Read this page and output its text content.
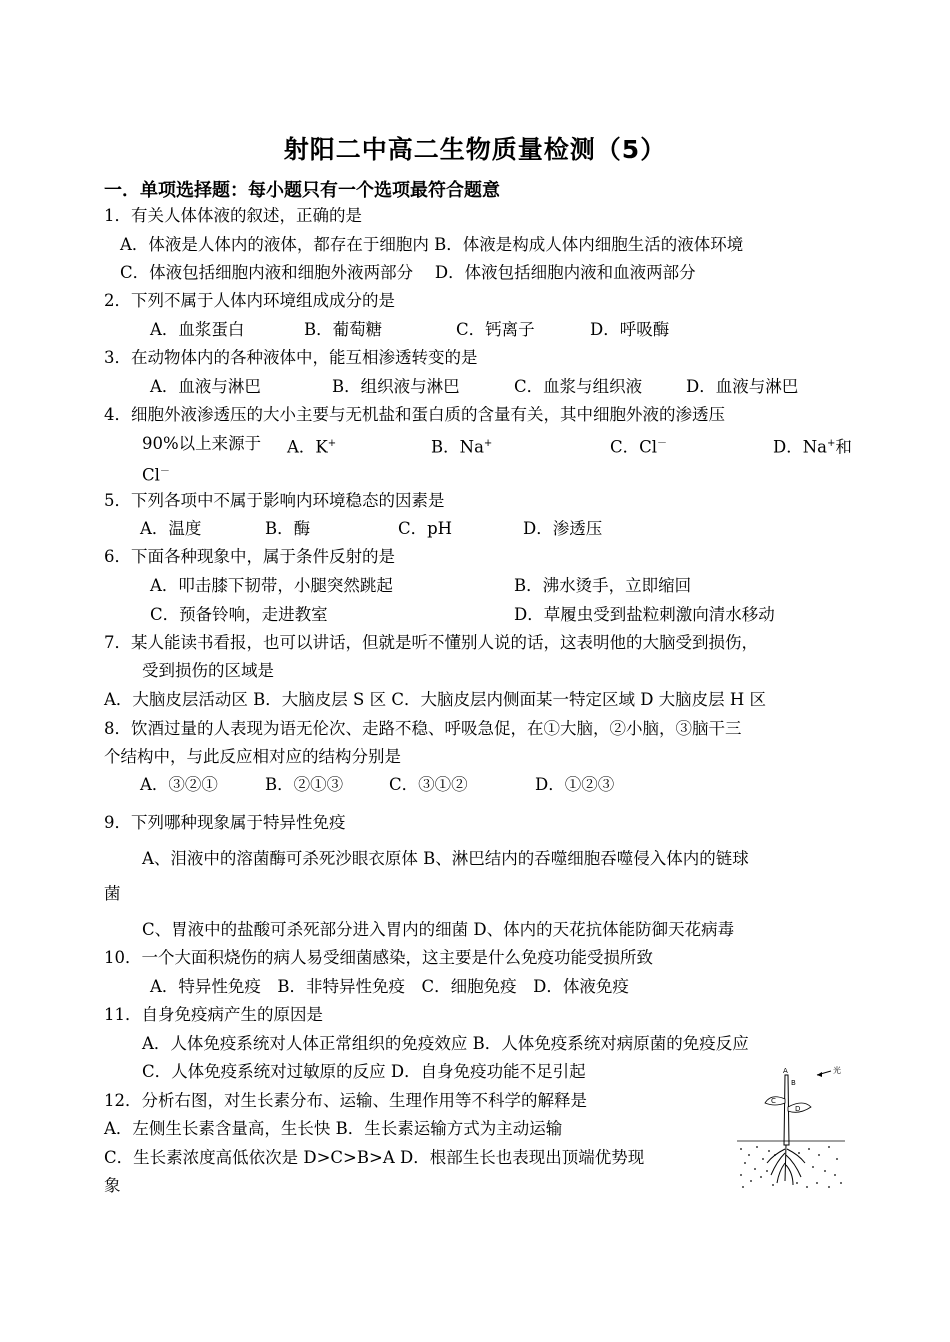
射阳二中高二生物质量检测（5）
一．单项选择题：每小题只有一个选项最符合题意
1．有关人体体液的叙述，正确的是
A．体液是人体内的液体，都存在于细胞内 B．体液是构成人体内细胞生活的液体环境
C．体液包括细胞内液和细胞外液两部分　 D．体液包括细胞内液和血液两部分
2．下列不属于人体内环境组成成分的是
A．血浆蛋白	B．葡萄糖	C．钙离子	D．呼吸酶
3．在动物体内的各种液体中，能互相渗透转变的是
A．血液与淋巴	B．组织液与淋巴	C．血浆与组织液	D．血液与淋巴
4．细胞外液渗透压的大小主要与无机盐和蛋白质的含量有关，其中细胞外液的渗透压
90%以上来源于 A．K+	B．Na+	C．Cl－	D．Na+和
Cl－
5．下列各项中不属于影响内环境稳态的因素是
A．温度	B．酶	C．pH	D．渗透压
6．下面各种现象中，属于条件反射的是
A．叩击膝下韧带，小腿突然跳起	B．沸水烫手，立即缩回
C．预备铃响，走进教室	D．草履虫受到盐粒刺激向清水移动
7．某人能读书看报，也可以讲话，但就是听不懂别人说的话，这表明他的大脑受到损伤，
受到损伤的区域是
A．大脑皮层活动区 B．大脑皮层 S 区 C．大脑皮层内侧面某一特定区域 D 大脑皮层 H 区
8．饮酒过量的人表现为语无伦次、走路不稳、呼吸急促，在①大脑，②小脑，③脑干三
个结构中，与此反应相对应的结构分别是
A．③②①	B．②①③	C．③①②	D．①②③
9．下列哪种现象属于特异性免疫
A、泪液中的溶菌酶可杀死沙眼衣原体 B、淋巴结内的吞噬细胞吞噬侵入体内的链球
菌
C、胃液中的盐酸可杀死部分进入胃内的细菌 D、体内的天花抗体能防御天花病毒
10．一个大面积烧伤的病人易受细菌感染，这主要是什么免疫功能受损所致
A．特异性免疫　B．非特异性免疫　C．细胞免疫　D．体液免疫
11．自身免疫病产生的原因是
A．人体免疫系统对人体正常组织的免疫效应 B．人体免疫系统对病原菌的免疫反应
C．人体免疫系统对过敏原的反应 D．自身免疫功能不足引起
12．分析右图，对生长素分布、运输、生理作用等不科学的解释是
A．左侧生长素含量高，生长快 B．生长素运输方式为主动运输
C．生长素浓度高低依次是 D>C>B>A D．根部生长也表现出顶端优势现
象
光
A
B
C
D
